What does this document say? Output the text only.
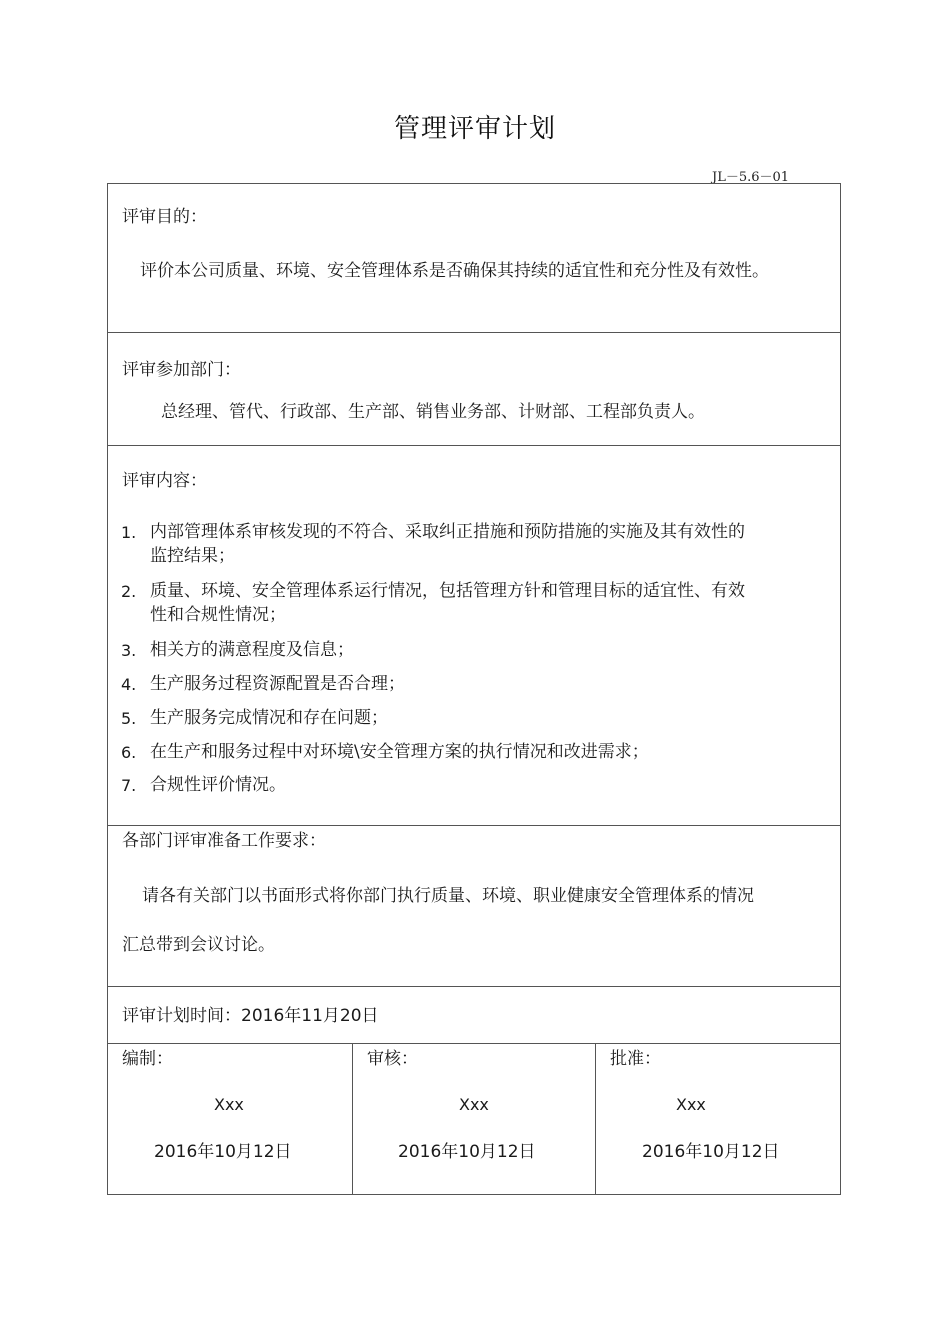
管理评审计划
JL－5.6－01
评审目的：
评价本公司质量、环境、安全管理体系是否确保其持续的适宜性和充分性及有效性。
评审参加部门：
总经理、管代、行政部、生产部、销售业务部、计财部、工程部负责人。
评审内容：
1. 内部管理体系审核发现的不符合、采取纠正措施和预防措施的实施及其有效性的
监控结果；
2. 质量、环境、安全管理体系运行情况，包括管理方针和管理目标的适宜性、有效
性和合规性情况；
3. 相关方的满意程度及信息；
4. 生产服务过程资源配置是否合理；
5. 生产服务完成情况和存在问题；
6. 在生产和服务过程中对环境\安全管理方案的执行情况和改进需求；
7. 合规性评价情况。
各部门评审准备工作要求：
请各有关部门以书面形式将你部门执行质量、环境、职业健康安全管理体系的情况
汇总带到会议讨论。
评审计划时间：2016年11月20日
编制：
Xxx
2016年10月12日
审核：
Xxx
2016年10月12日
批准：
Xxx
2016年10月12日
